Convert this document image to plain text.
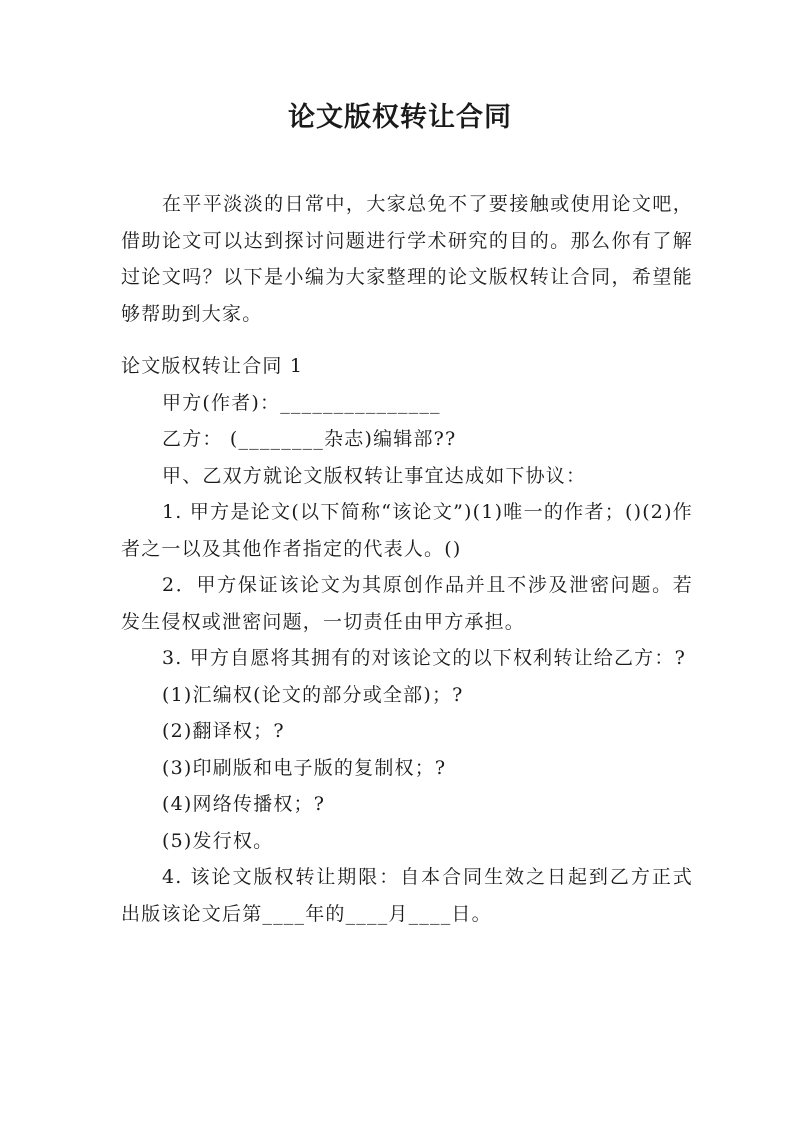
论文版权转让合同

在平平淡淡的日常中，大家总免不了要接触或使用论文吧，借助论文可以达到探讨问题进行学术研究的目的。那么你有了解过论文吗？以下是小编为大家整理的论文版权转让合同，希望能够帮助到大家。

论文版权转让合同 1

甲方(作者)：_______________

乙方： (________杂志)编辑部??

甲、乙双方就论文版权转让事宜达成如下协议：

1. 甲方是论文(以下简称“该论文”)(1)唯一的作者；()(2)作者之一以及其他作者指定的代表人。()

2．甲方保证该论文为其原创作品并且不涉及泄密问题。若发生侵权或泄密问题，一切责任由甲方承担。

3. 甲方自愿将其拥有的对该论文的以下权利转让给乙方：?

(1)汇编权(论文的部分或全部)；?

(2)翻译权；?

(3)印刷版和电子版的复制权；?

(4)网络传播权；?

(5)发行权。

4. 该论文版权转让期限：自本合同生效之日起到乙方正式出版该论文后第____年的____月____日。
